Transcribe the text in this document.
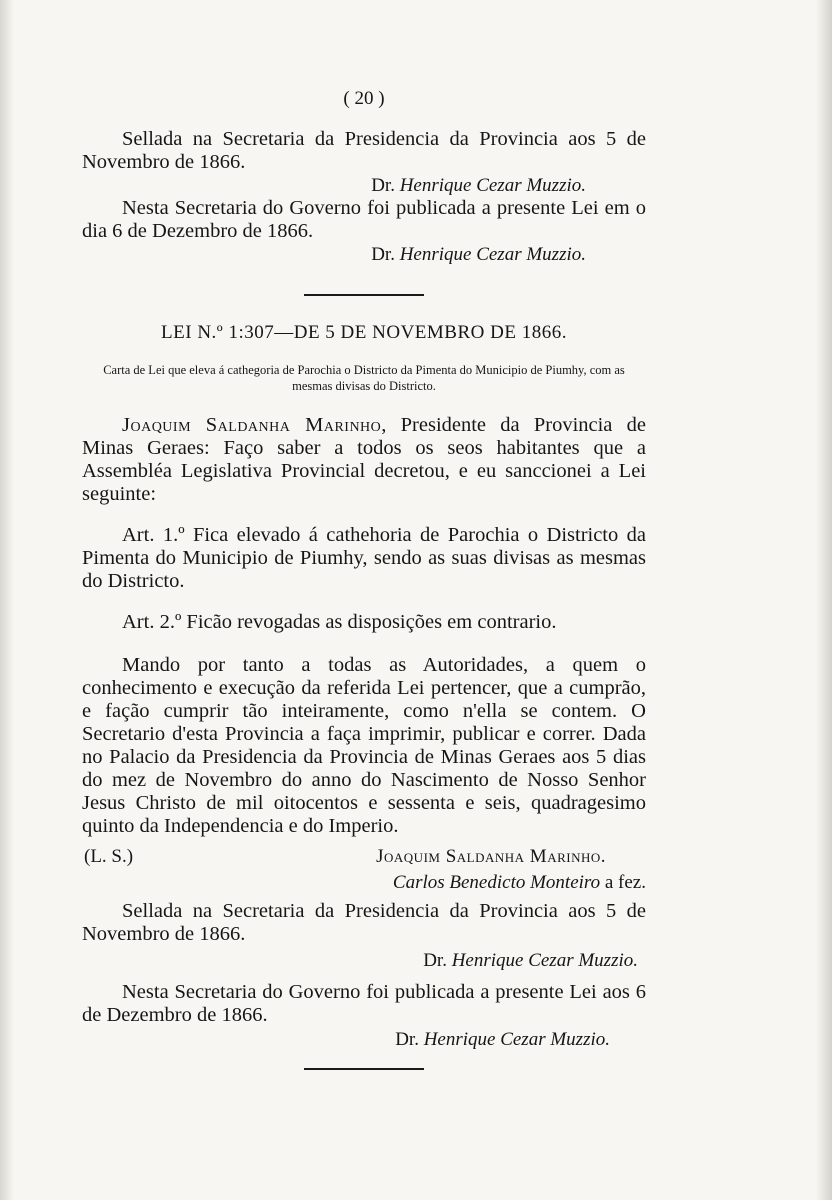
( 20 )

Sellada na Secretaria da Presidencia da Provincia aos 5 de Novembro de 1866.

Dr. Henrique Cezar Muzzio.

Nesta Secretaria do Governo foi publicada a presente Lei em o dia 6 de Dezembro de 1866.

Dr. Henrique Cezar Muzzio.
LEI N.º 1:307—DE 5 DE NOVEMBRO DE 1866.
Carta de Lei que eleva á cathegoria de Parochia o Districto da Pimenta do Municipio de Piumhy, com as mesmas divisas do Districto.

Joaquim Saldanha Marinho, Presidente da Provincia de Minas Geraes: Faço saber a todos os seos habitantes que a Assembléa Legislativa Provincial decretou, e eu sanccionei a Lei seguinte:

Art. 1.º Fica elevado á cathehoria de Parochia o Districto da Pimenta do Municipio de Piumhy, sendo as suas divisas as mesmas do Districto.

Art. 2.º Ficão revogadas as disposições em contrario.

Mando por tanto a todas as Autoridades, a quem o conhecimento e execução da referida Lei pertencer, que a cumprão, e fação cumprir tão inteiramente, como n'ella se contem. O Secretario d'esta Provincia a faça imprimir, publicar e correr. Dada no Palacio da Presidencia da Provincia de Minas Geraes aos 5 dias do mez de Novembro do anno do Nascimento de Nosso Senhor Jesus Christo de mil oitocentos e sessenta e seis, quadragesimo quinto da Independencia e do Imperio.

(L. S.)	Joaquim Saldanha Marinho.
Carlos Benedicto Monteiro a fez.

Sellada na Secretaria da Presidencia da Provincia aos 5 de Novembro de 1866.

Dr. Henrique Cezar Muzzio.

Nesta Secretaria do Governo foi publicada a presente Lei aos 6 de Dezembro de 1866.

Dr. Henrique Cezar Muzzio.
